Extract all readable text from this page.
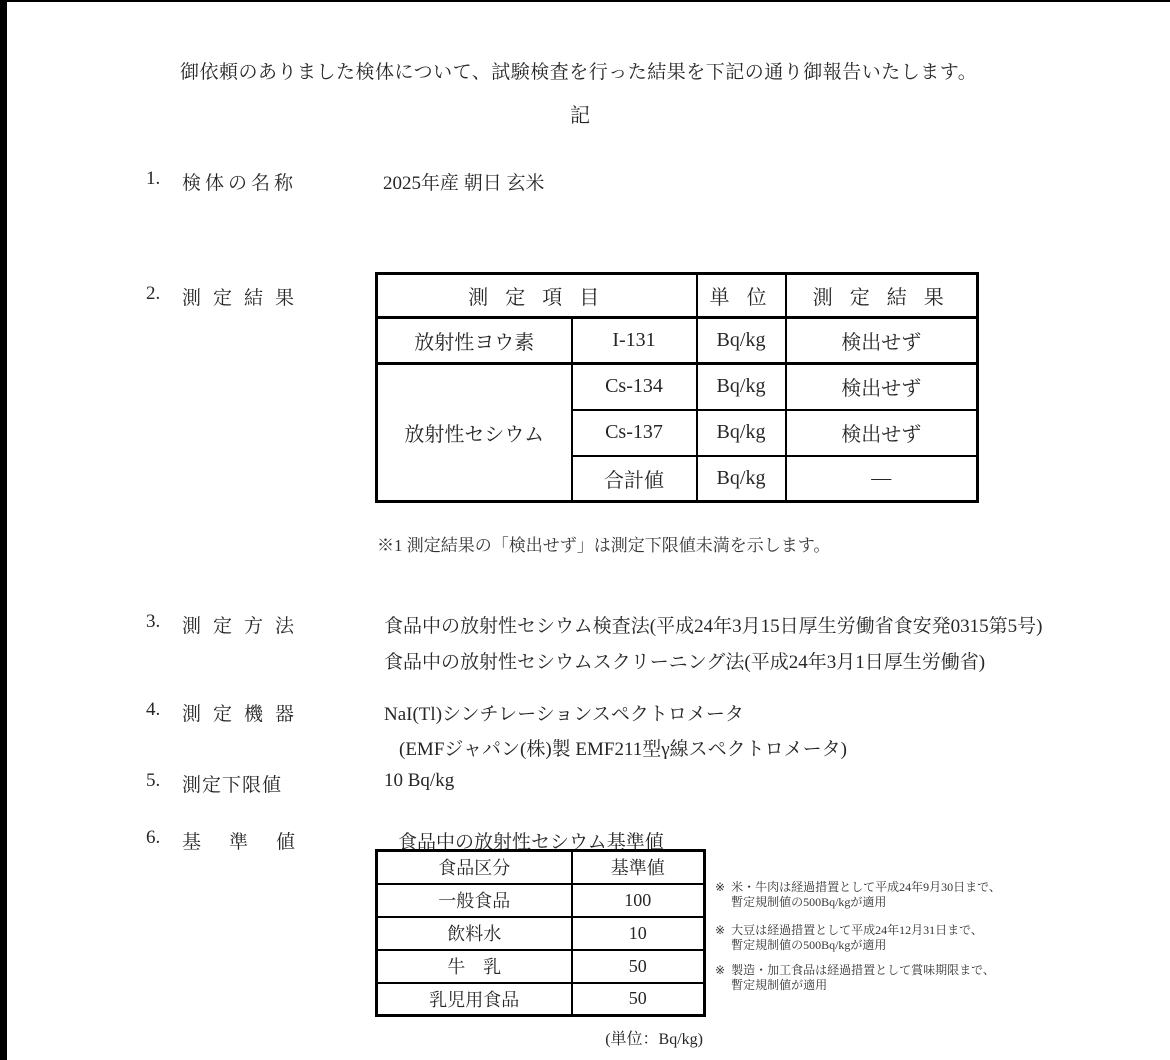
御依頼のありました検体について、試験検査を行った結果を下記の通り御報告いたします。
記
1. 検体の名称	2025年産 朝日 玄米
2. 測定結果	測 定 項 目		単 位	測 定 結 果
放射性ヨウ素	I-131	Bq/kg	検出せず
放射性セシウム	Cs-134	Bq/kg	検出せず
	Cs-137	Bq/kg	検出せず
	合計値	Bq/kg	—
※1 測定結果の「検出せず」は測定下限値未満を示します。
3. 測定方法	食品中の放射性セシウム検査法(平成24年3月15日厚生労働省食安発0315第5号)
食品中の放射性セシウムスクリーニング法(平成24年3月1日厚生労働省)
4. 測定機器	NaI(Tl)シンチレーションスペクトロメータ
(EMFジャパン(株)製 EMF211型γ線スペクトロメータ)
5. 測定下限値	10 Bq/kg
6. 基準値	食品中の放射性セシウム基準値
食品区分	基準値
一般食品	100
飲料水	10
牛　乳	50
乳児用食品	50
(単位：Bq/kg)
※ 米・牛肉は経過措置として平成24年9月30日まで、
暫定規制値の500Bq/kgが適用
※ 大豆は経過措置として平成24年12月31日まで、
暫定規制値の500Bq/kgが適用
※ 製造・加工食品は経過措置として賞味期限まで、
暫定規制値が適用
